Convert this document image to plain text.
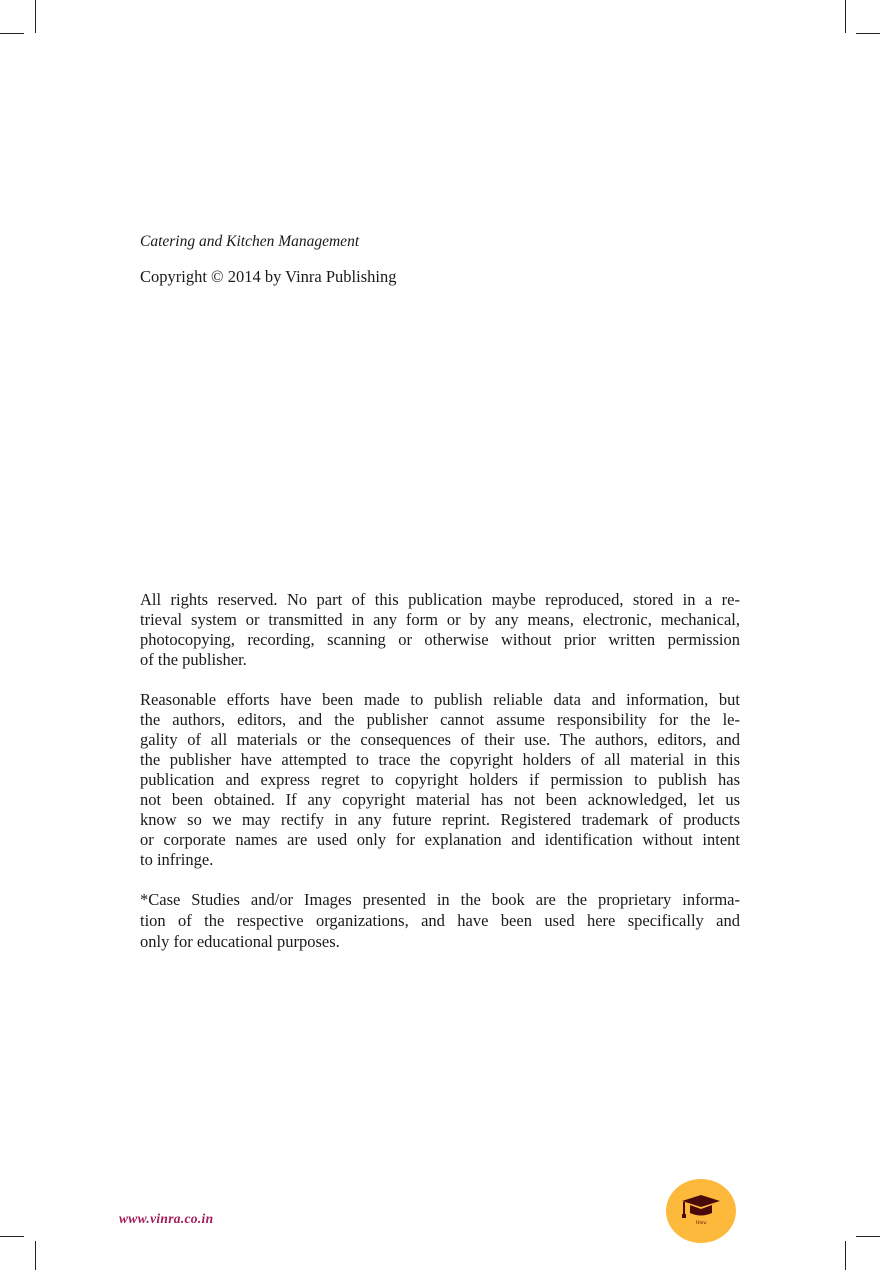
Catering and Kitchen Management
Copyright © 2014 by Vinra Publishing
All rights reserved. No part of this publication maybe reproduced, stored in a re-
trieval system or transmitted in any form or by any means, electronic, mechanical,
photocopying, recording, scanning or otherwise without prior written permission
of the publisher.
Reasonable efforts have been made to publish reliable data and information, but
the authors, editors, and the publisher cannot assume responsibility for the le-
gality of all materials or the consequences of their use. The authors, editors, and
the publisher have attempted to trace the copyright holders of all material in this
publication and express regret to copyright holders if permission to publish has
not been obtained. If any copyright material has not been acknowledged, let us
know so we may rectify in any future reprint. Registered trademark of products
or corporate names are used only for explanation and identification without intent
to infringe.
*Case Studies and/or Images presented in the book are the proprietary informa-
tion of the respective organizations, and have been used here specifically and
only for educational purposes.
www.vinra.co.in	Vinra
